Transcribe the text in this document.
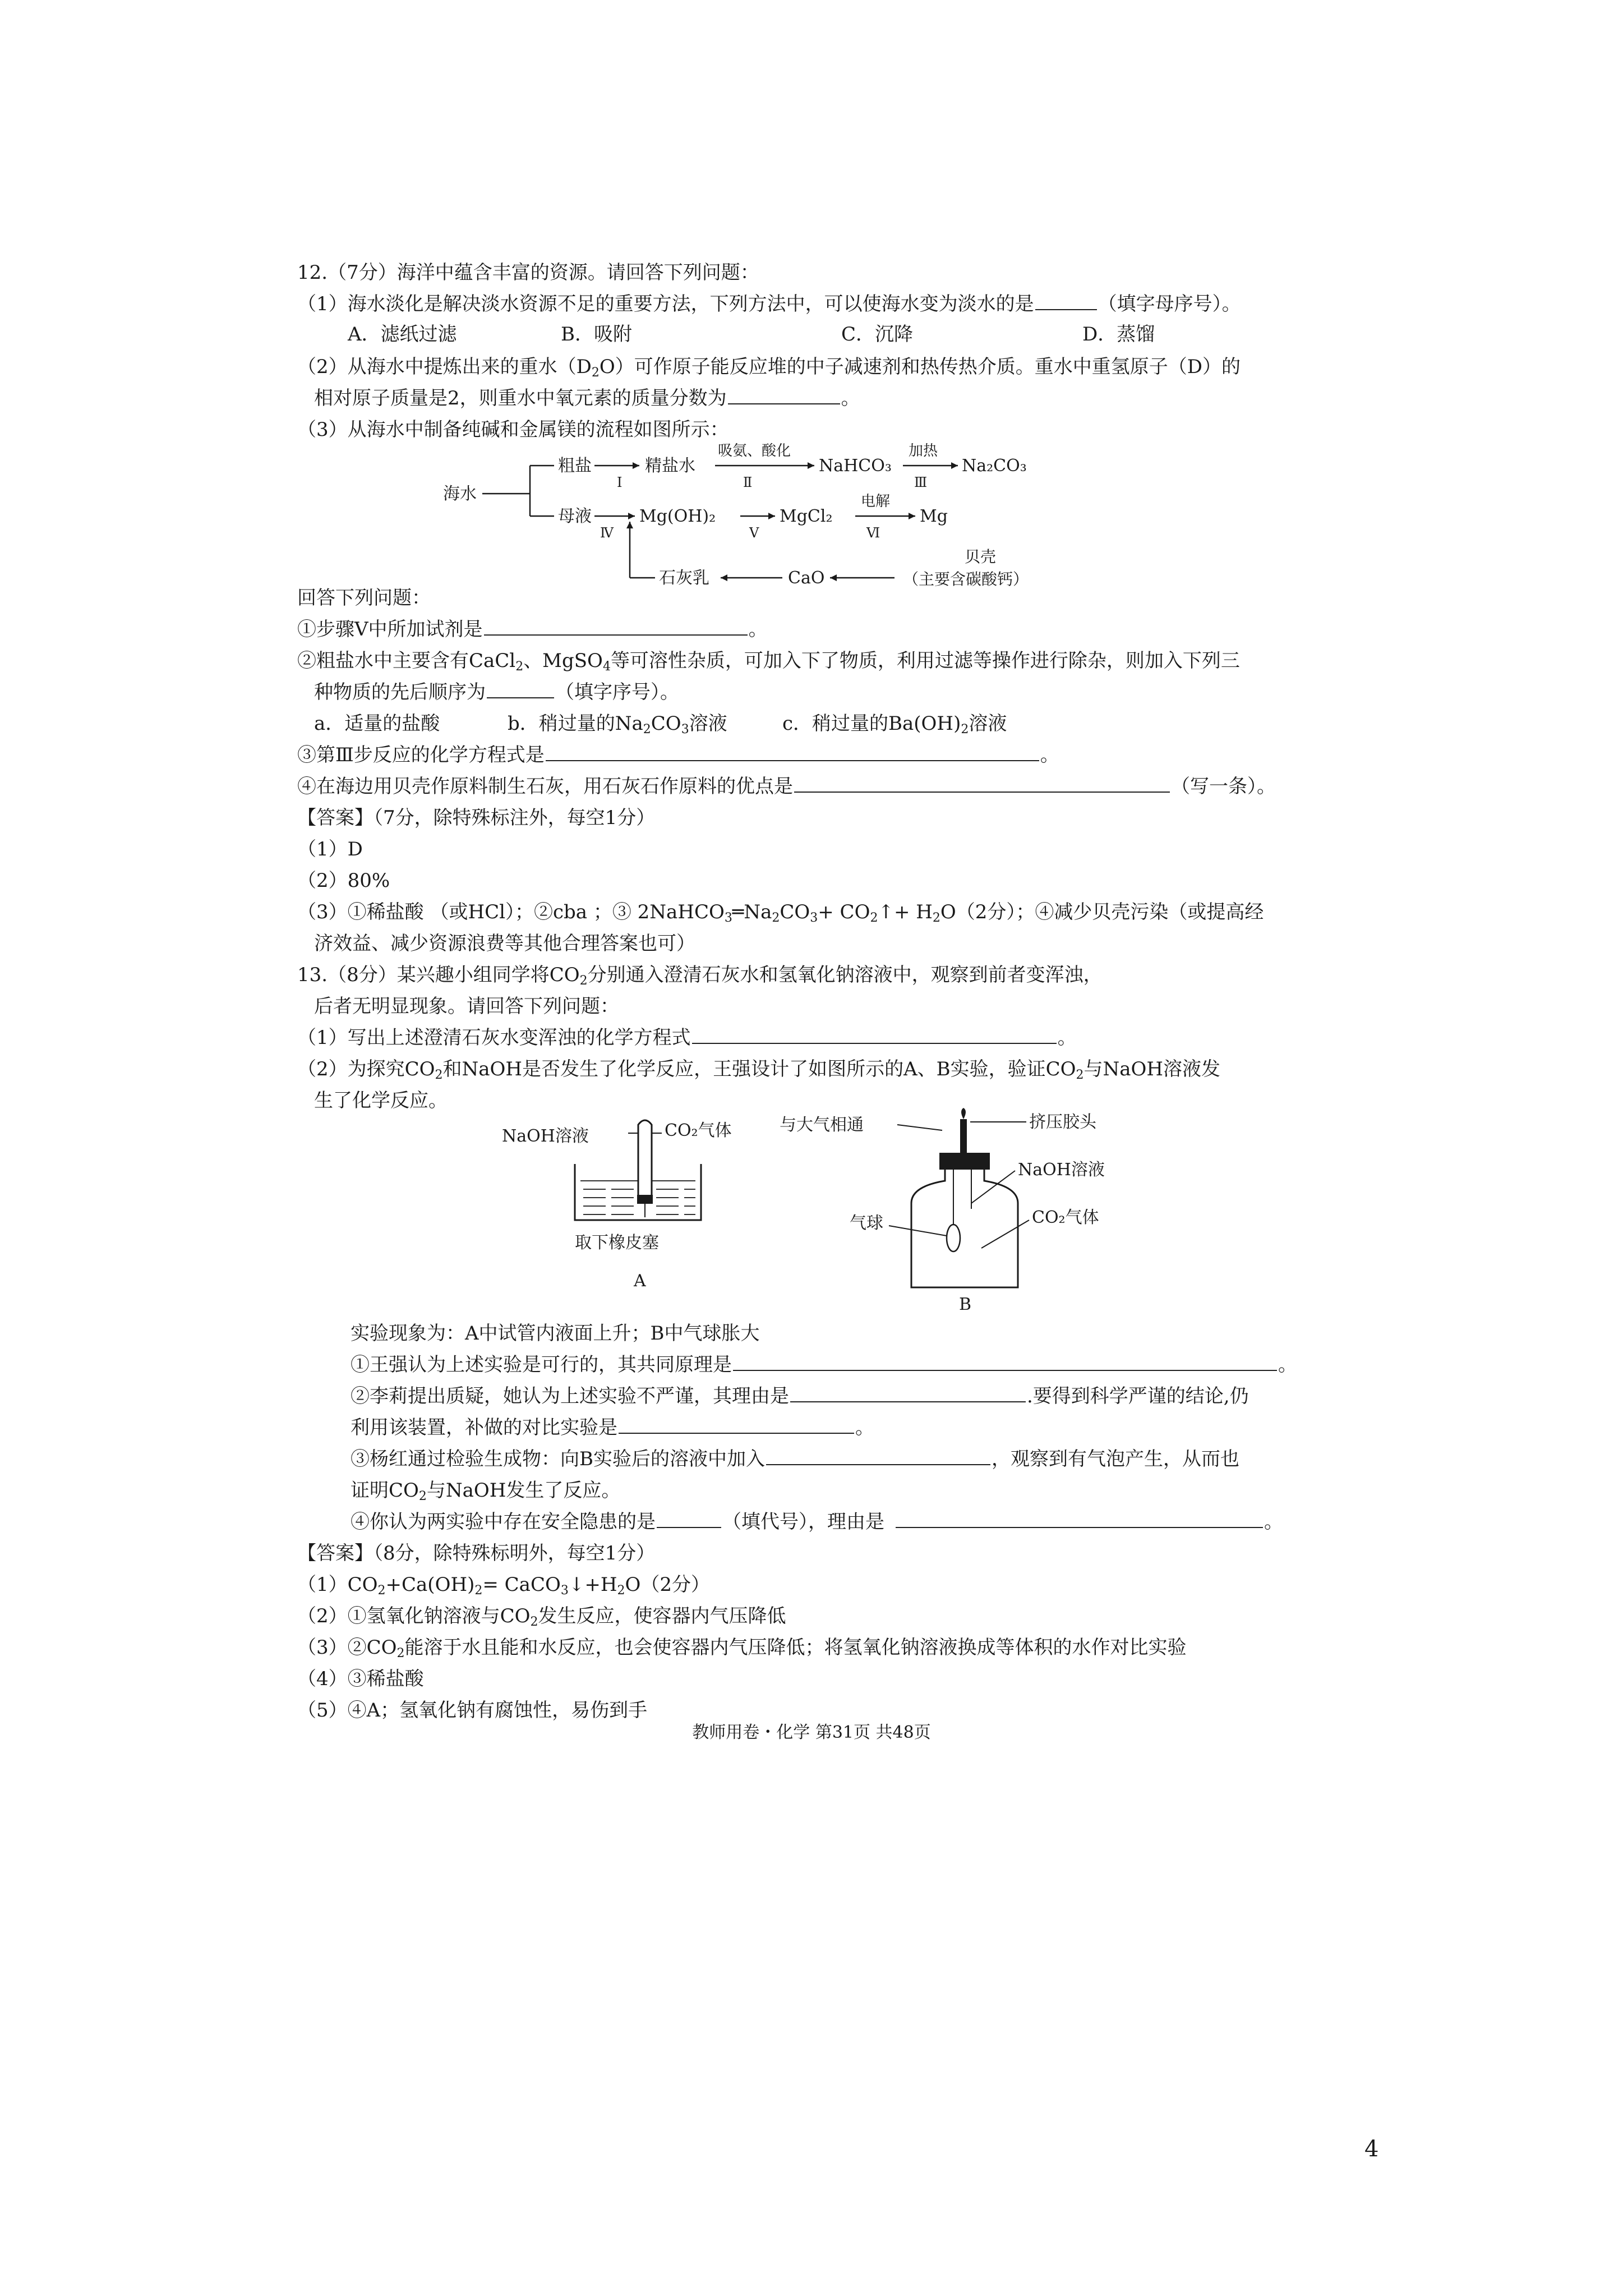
12.（7分）海洋中蕴含丰富的资源。请回答下列问题：
（1）海水淡化是解决淡水资源不足的重要方法，下列方法中，可以使海水变为淡水的是	（填字母序号）。
A．滤纸过滤	B．吸附	C．沉降	D．蒸馏
（2）从海水中提炼出来的重水$(D_2O)$可作原子能反应堆的中子减速剂和热传热介质。重水中重氢原子（D）的
相对原子质量是2，则重水中氧元素的质量分数为	。
（3）从海水中制备纯碱和金属镁的流程如图所示：
海水
粗盐
Ⅰ
精盐水
吸氨、酸化
Ⅱ
NaHCO₃
加热
Ⅲ
Na₂CO₃
母液
Ⅳ
Mg(OH)₂
Ⅴ
MgCl₂
电解
Ⅵ
Mg
石灰乳	CaO
贝壳
（主要含碳酸钙）
回答下列问题：
①步骤Ⅴ中所加试剂是	。
②粗盐水中主要含有CaCl$_2$、MgSO$_4$等可溶性杂质，可加入下了物质，利用过滤等操作进行除杂，则加入下列三
种物质的先后顺序为	（填字序号）。
a．适量的盐酸	b．稍过量的$Na_2CO_3$溶液	c．稍过量的$Ba(OH)_2$溶液
③第Ⅲ步反应的化学方程式是	。
④在海边用贝壳作原料制生石灰，用石灰石作原料的优点是	（写一条）。
【答案】（7分，除特殊标注外，每空1分）
（1）D
（2）80%
（3）①稀盐酸 （或HCl）；②cba ；③ $2NaHCO_3═Na_2CO_3+$ $CO_2↑+ H_2O(2$分）；④减少贝壳污染（或提高经
济效益、减少资源浪费等其他合理答案也可）
13.（8分）某兴趣小组同学将$CO_2$分别通入澄清石灰水和氢氧化钠溶液中，观察到前者变浑浊，
后者无明显现象。请回答下列问题：
（1）写出上述澄清石灰水变浑浊的化学方程式	。
（2）为探究$CO_2$和NaOH是否发生了化学反应，王强设计了如图所示的A、B实验，验证$CO_2$与NaOH溶液发
生了化学反应。
NaOH溶液	CO₂气体
取下橡皮塞
A
与大气相通	挤压胶头
NaOH溶液
气球	CO₂气体
B
实验现象为：A中试管内液面上升；B中气球胀大
①王强认为上述实验是可行的，其共同原理是	。
②李莉提出质疑，她认为上述实验不严谨，其理由是	.要得到科学严谨的结论,仍
利用该装置，补做的对比实验是	。
③杨红通过检验生成物：向B实验后的溶液中加入	，观察到有气泡产生，从而也
证明$CO_2$与NaOH发生了反应。
④你认为两实验中存在安全隐患的是	（填代号），理由是	。
【答案】（8分，除特殊标明外，每空1分）
$(1)CO_2+Ca(OH)_2=$ $CaCO_3↓+H_2O(2$分）
（2）①氢氧化钠溶液与$CO_2$发生反应，使容器内气压降低
$(3)②CO_2$能溶于水且能和水反应，也会使容器内气压降低；将氢氧化钠溶液换成等体积的水作对比实验
（4）③稀盐酸
（5）④A；氢氧化钠有腐蚀性，易伤到手
教师用卷・化学 第31页 共48页
4
